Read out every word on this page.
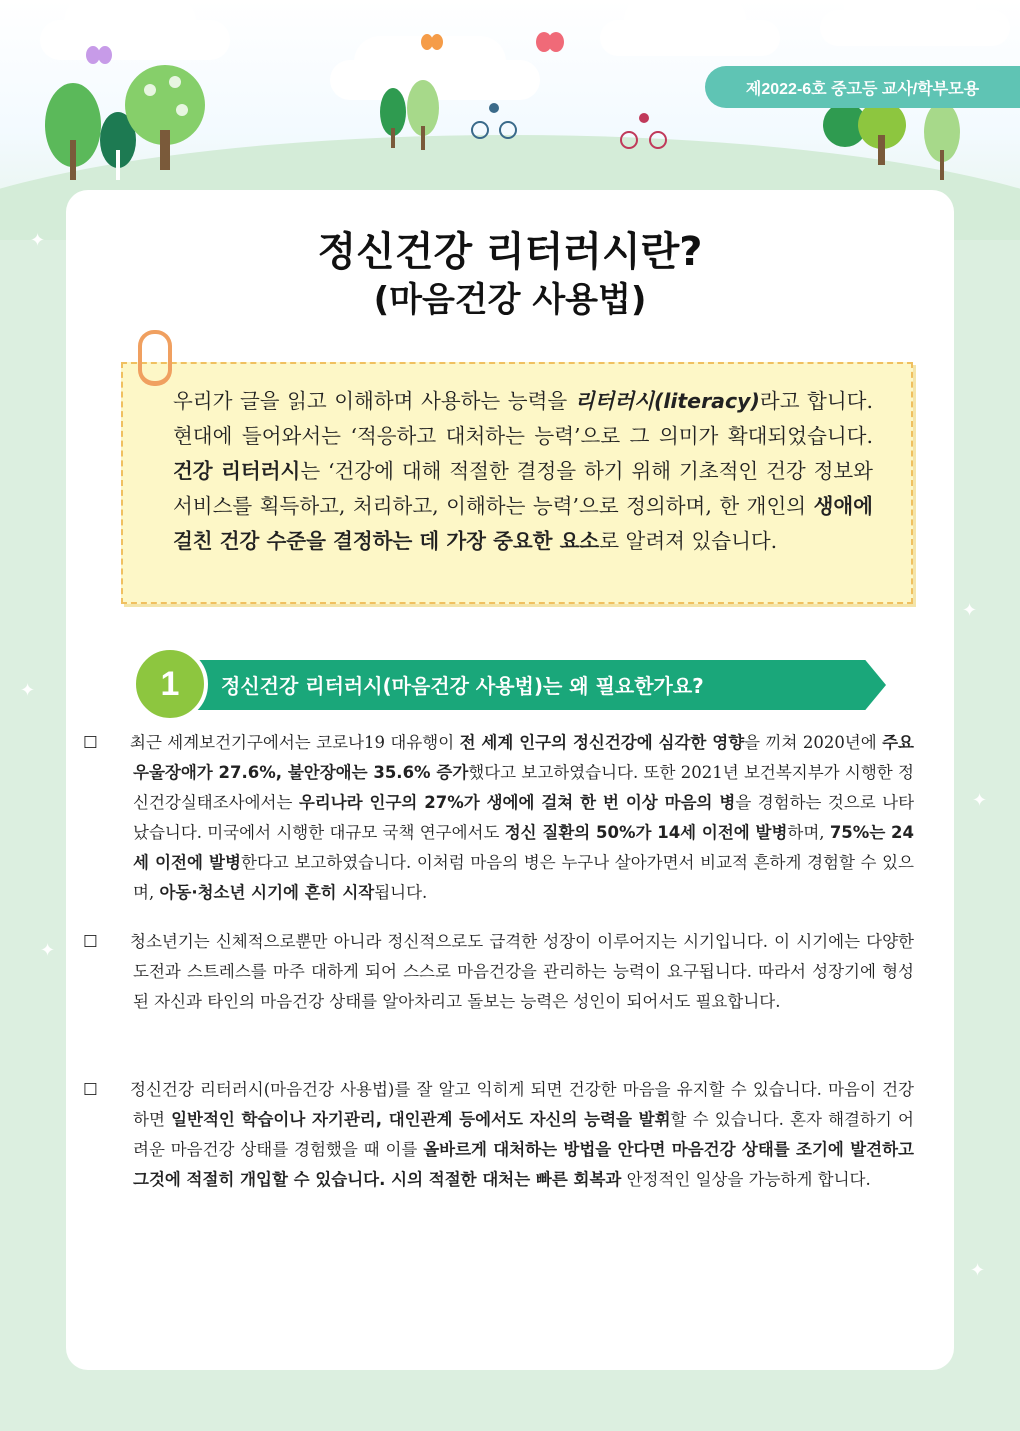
제2022-6호 중고등 교사/학부모용
✦
✦
✦
✦
✦
✦
정신건강 리터러시란?
(마음건강 사용법)
우리가 글을 읽고 이해하며 사용하는 능력을 리터러시(literacy)라고 합니다. 현대에 들어와서는 ‘적응하고 대처하는 능력’으로 그 의미가 확대되었습니다. 건강 리터러시는 ‘건강에 대해 적절한 결정을 하기 위해 기초적인 건강 정보와 서비스를 획득하고, 처리하고, 이해하는 능력’으로 정의하며, 한 개인의 생애에 걸친 건강 수준을 결정하는 데 가장 중요한 요소로 알려져 있습니다.
1	정신건강 리터러시(마음건강 사용법)는 왜 필요한가요?
☐ 최근 세계보건기구에서는 코로나19 대유행이 전 세계 인구의 정신건강에 심각한 영향을 끼쳐 2020년에 주요우울장애가 27.6%, 불안장애는 35.6% 증가했다고 보고하였습니다. 또한 2021년 보건복지부가 시행한 정신건강실태조사에서는 우리나라 인구의 27%가 생에에 걸쳐 한 번 이상 마음의 병을 경험하는 것으로 나타났습니다. 미국에서 시행한 대규모 국책 연구에서도 정신 질환의 50%가 14세 이전에 발병하며, 75%는 24세 이전에 발병한다고 보고하였습니다. 이처럼 마음의 병은 누구나 살아가면서 비교적 흔하게 경험할 수 있으며, 아동·청소년 시기에 흔히 시작됩니다.
☐ 청소년기는 신체적으로뿐만 아니라 정신적으로도 급격한 성장이 이루어지는 시기입니다. 이 시기에는 다양한 도전과 스트레스를 마주 대하게 되어 스스로 마음건강을 관리하는 능력이 요구됩니다. 따라서 성장기에 형성된 자신과 타인의 마음건강 상태를 알아차리고 돌보는 능력은 성인이 되어서도 필요합니다.
☐ 정신건강 리터러시(마음건강 사용법)를 잘 알고 익히게 되면 건강한 마음을 유지할 수 있습니다. 마음이 건강하면 일반적인 학습이나 자기관리, 대인관계 등에서도 자신의 능력을 발휘할 수 있습니다. 혼자 해결하기 어려운 마음건강 상태를 경험했을 때 이를 올바르게 대처하는 방법을 안다면 마음건강 상태를 조기에 발견하고 그것에 적절히 개입할 수 있습니다. 시의 적절한 대처는 빠른 회복과 안정적인 일상을 가능하게 합니다.
